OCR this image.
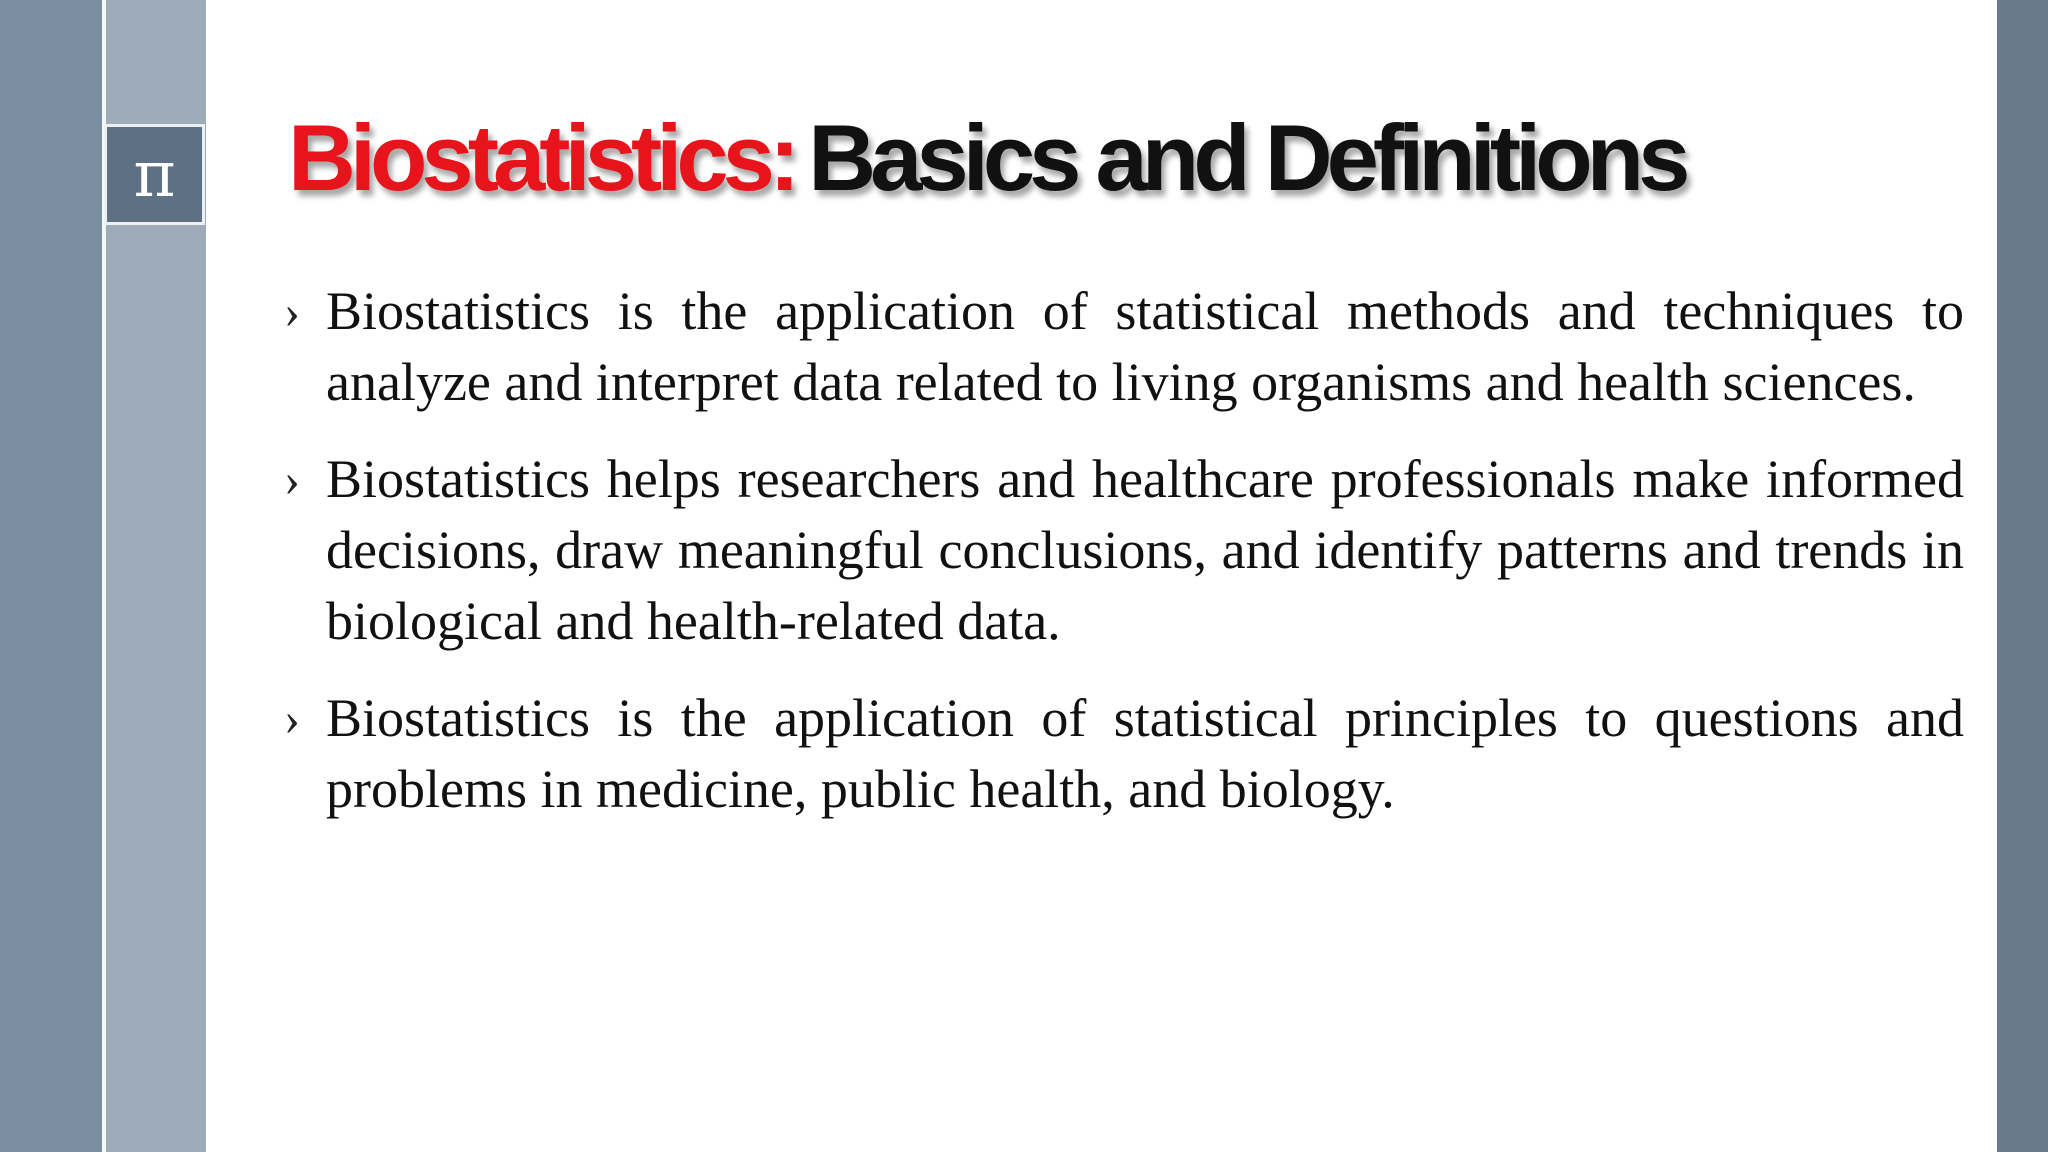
π Biostatistics: Basics and Definitions
› Biostatistics is the application of statistical methods and techniques to analyze and interpret data related to living organisms and health sciences.
› Biostatistics helps researchers and healthcare professionals make informed decisions, draw meaningful conclusions, and identify patterns and trends in biological and health-related data.
› Biostatistics is the application of statistical principles to questions and problems in medicine, public health, and biology.
